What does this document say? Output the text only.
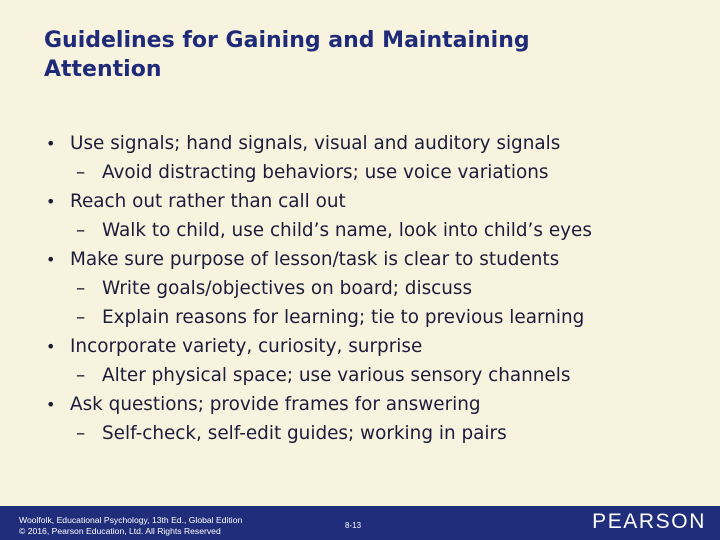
Guidelines for Gaining and Maintaining
Attention
• Use signals; hand signals, visual and auditory signals
– Avoid distracting behaviors; use voice variations
• Reach out rather than call out
– Walk to child, use child’s name, look into child’s eyes
• Make sure purpose of lesson/task is clear to students
– Write goals/objectives on board; discuss
– Explain reasons for learning; tie to previous learning
• Incorporate variety, curiosity, surprise
– Alter physical space; use various sensory channels
• Ask questions; provide frames for answering
– Self-check, self-edit guides; working in pairs
Woolfolk, Educational Psychology, 13th Ed., Global Edition
© 2016, Pearson Education, Ltd. All Rights Reserved
8-13	PEARSON
